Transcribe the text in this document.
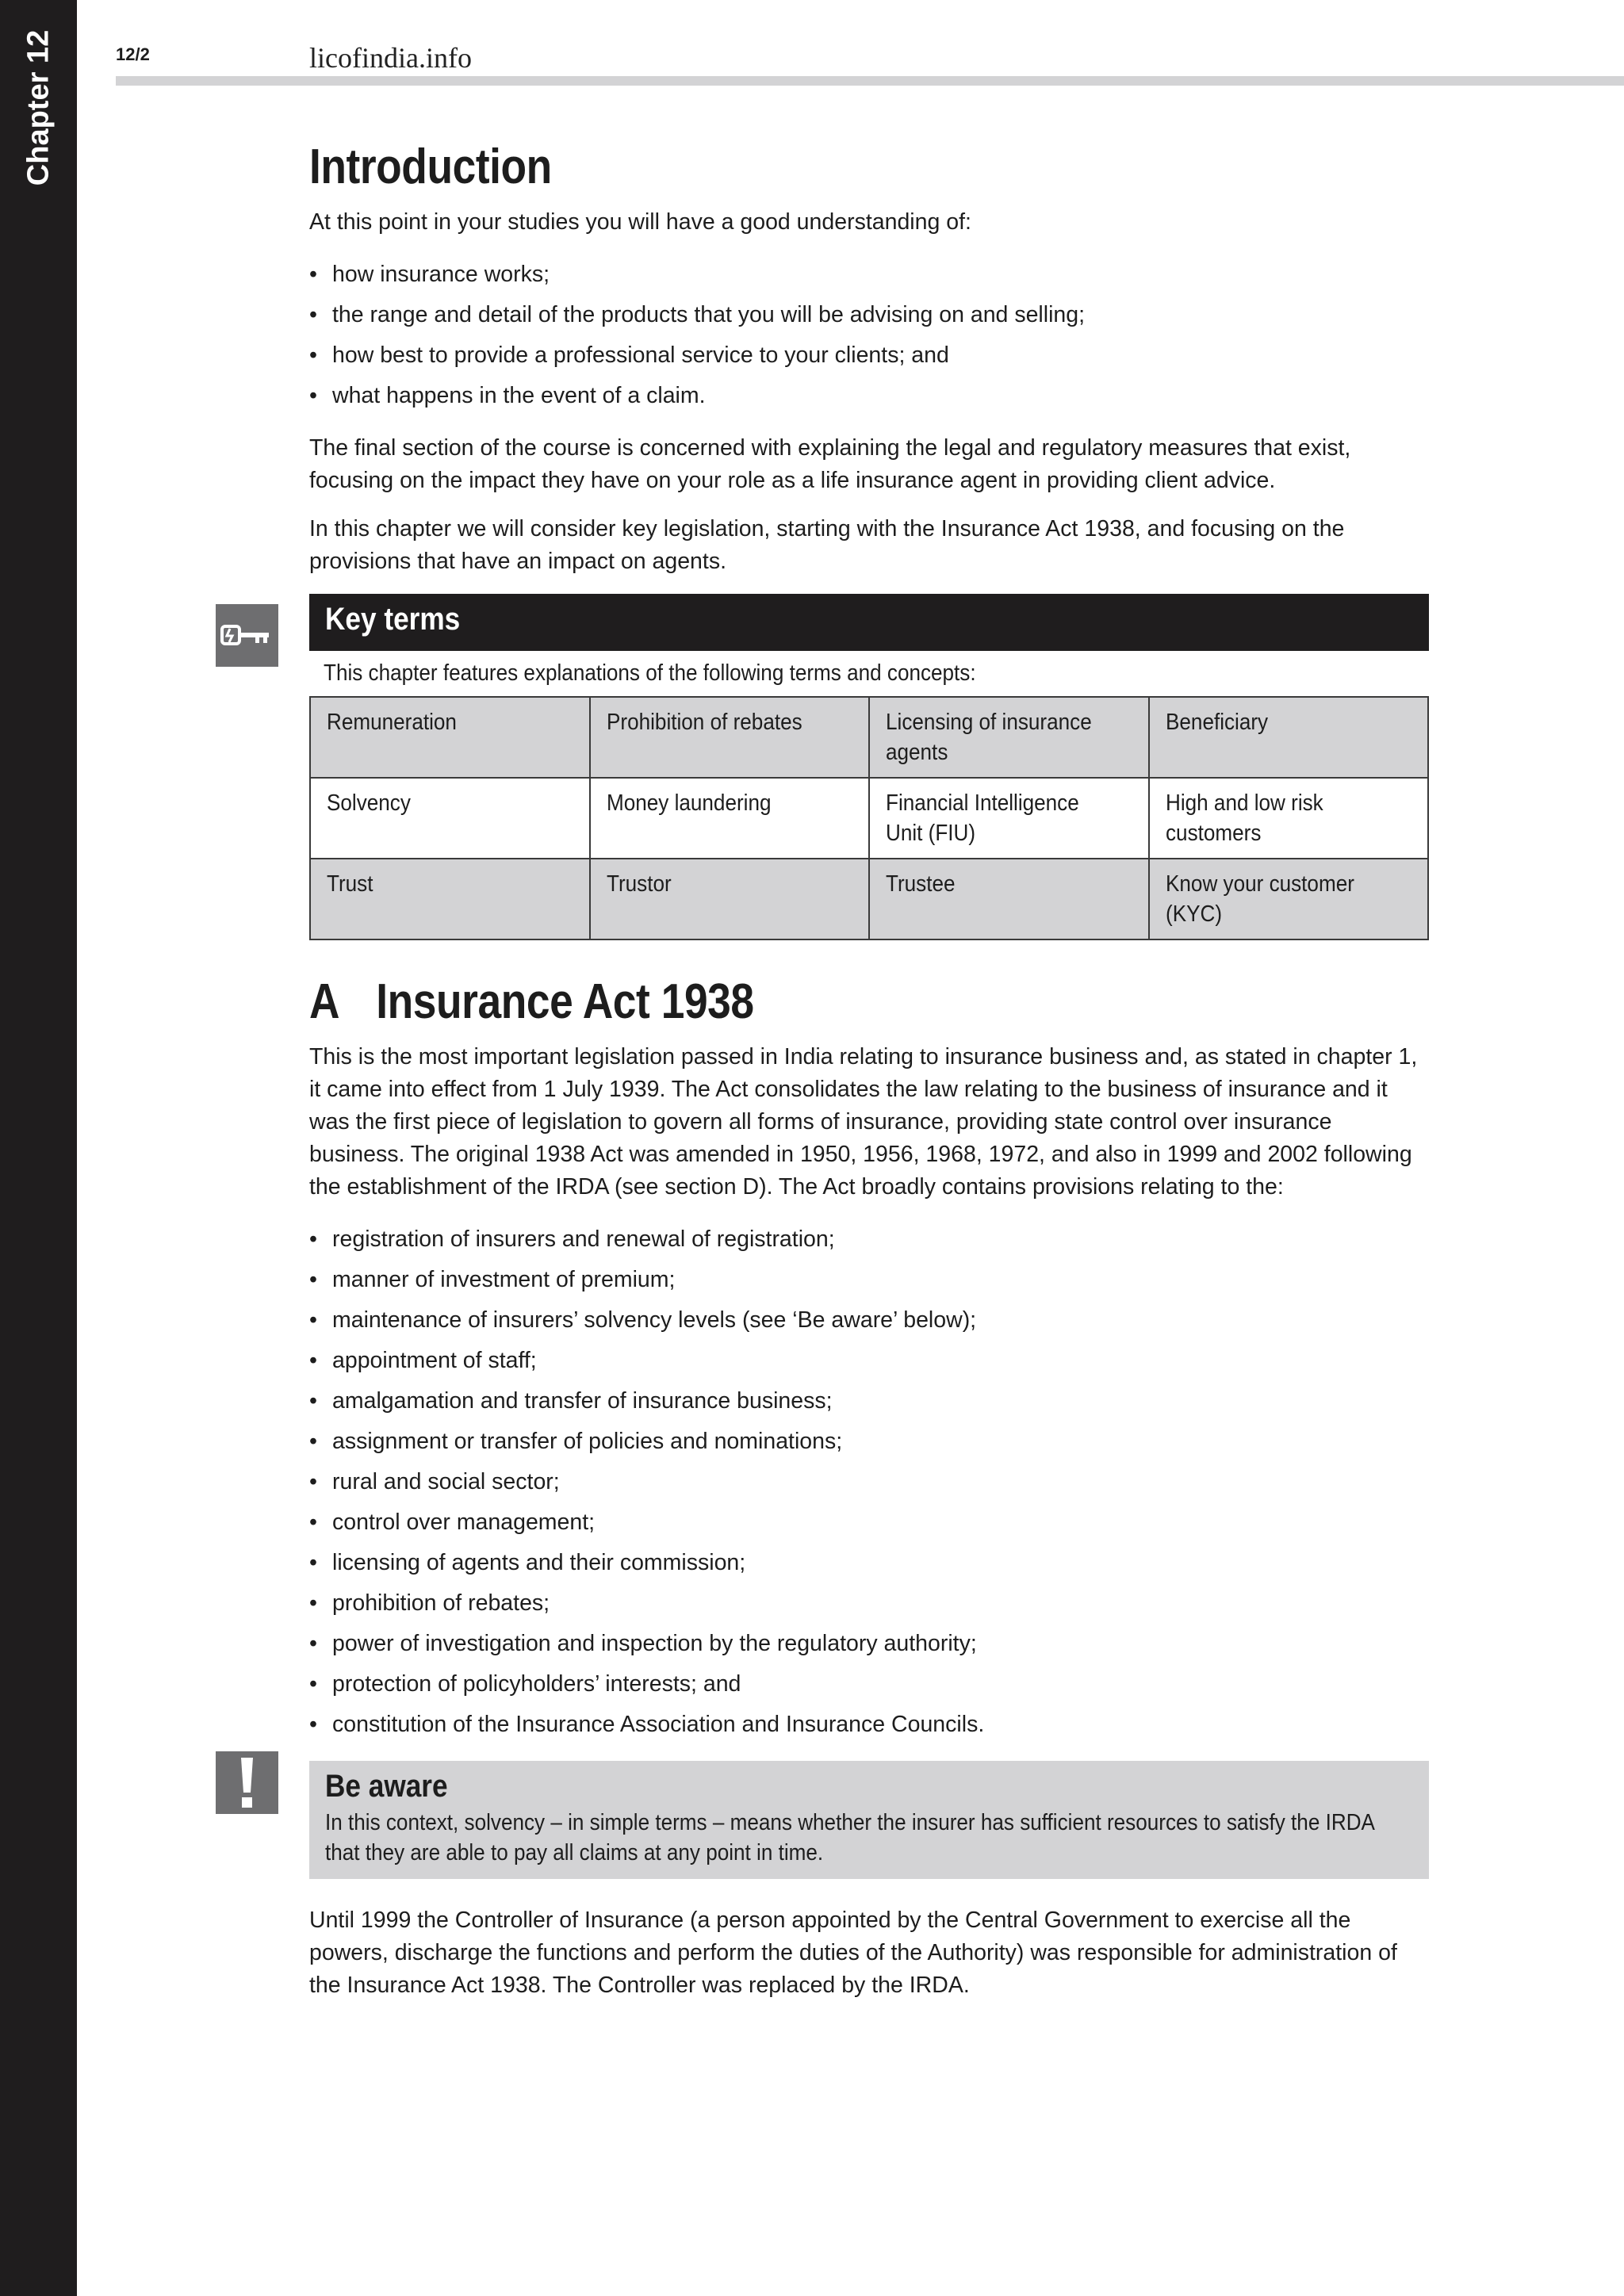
Chapter 12	12/2	licofindia.info
Introduction

At this point in your studies you will have a good understanding of:

• how insurance works;
• the range and detail of the products that you will be advising on and selling;
• how best to provide a professional service to your clients; and
• what happens in the event of a claim.

The final section of the course is concerned with explaining the legal and regulatory measures that exist, focusing on the impact they have on your role as a life insurance agent in providing client advice.

In this chapter we will consider key legislation, starting with the Insurance Act 1938, and focusing on the provisions that have an impact on agents.

Key terms
This chapter features explanations of the following terms and concepts:
Remuneration	Prohibition of rebates	Licensing of insurance agents	Beneficiary
Solvency	Money laundering	Financial Intelligence Unit (FIU)	High and low risk customers
Trust	Trustor	Trustee	Know your customer (KYC)
A Insurance Act 1938

This is the most important legislation passed in India relating to insurance business and, as stated in chapter 1, it came into effect from 1 July 1939. The Act consolidates the law relating to the business of insurance and it was the first piece of legislation to govern all forms of insurance, providing state control over insurance business. The original 1938 Act was amended in 1950, 1956, 1968, 1972, and also in 1999 and 2002 following the establishment of the IRDA (see section D). The Act broadly contains provisions relating to the:

• registration of insurers and renewal of registration;
• manner of investment of premium;
• maintenance of insurers’ solvency levels (see ‘Be aware’ below);
• appointment of staff;
• amalgamation and transfer of insurance business;
• assignment or transfer of policies and nominations;
• rural and social sector;
• control over management;
• licensing of agents and their commission;
• prohibition of rebates;
• power of investigation and inspection by the regulatory authority;
• protection of policyholders’ interests; and
• constitution of the Insurance Association and Insurance Councils.
Be aware
In this context, solvency – in simple terms – means whether the insurer has sufficient resources to satisfy the IRDA that they are able to pay all claims at any point in time.

Until 1999 the Controller of Insurance (a person appointed by the Central Government to exercise all the powers, discharge the functions and perform the duties of the Authority) was responsible for administration of the Insurance Act 1938. The Controller was replaced by the IRDA.
